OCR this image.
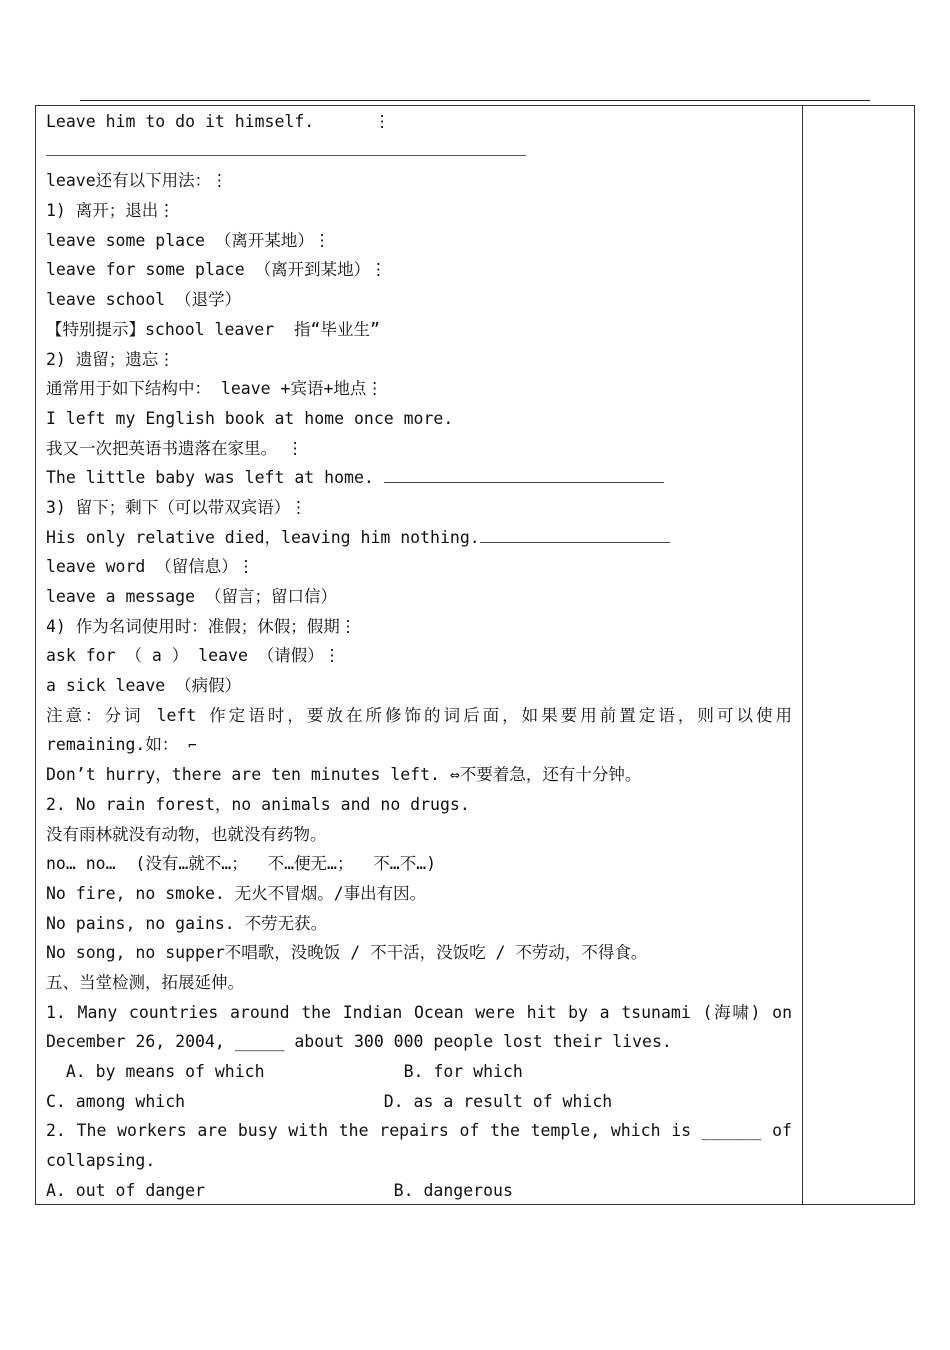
Leave him to do it himself.      ⋮
leave还有以下用法：⋮
1) 离开；退出⋮
leave some place （离开某地）⋮
leave for some place （离开到某地）⋮
leave school （退学）
【特别提示】school leaver  指“毕业生”
2) 遗留；遗忘⋮
通常用于如下结构中： leave +宾语+地点⋮
I left my English book at home once more.
我又一次把英语书遗落在家里。 ⋮
The little baby was left at home.
3) 留下；剩下（可以带双宾语）⋮
His only relative died，leaving him nothing.
leave word （留信息）⋮
leave a message （留言；留口信）
4) 作为名词使用时：准假；休假；假期⋮
ask for （ a ） leave （请假）⋮
a sick leave （病假）
注意：分词 left 作定语时，要放在所修饰的词后面，如果要用前置定语，则可以使用
remaining.如： ⌐
Don’t hurry，there are ten minutes left. ⇔不要着急，还有十分钟。
2. No rain forest，no animals and no drugs.
没有雨林就没有动物，也就没有药物。
no… no…  (没有…就不…；  不…便无…；  不…不…)
No fire, no smoke. 无火不冒烟。/事出有因。
No pains, no gains. 不劳无获。
No song, no supper不唱歌，没晚饭 / 不干活，没饭吃 / 不劳动，不得食。
五、当堂检测，拓展延伸。
1. Many countries around the Indian Ocean were hit by a tsunami (海啸) on
December 26, 2004, _____ about 300 000 people lost their lives.
A. by means of which              B. for which
C. among which                    D. as a result of which
2. The workers are busy with the repairs of the temple, which is ______ of
collapsing.
A. out of danger                   B. dangerous
